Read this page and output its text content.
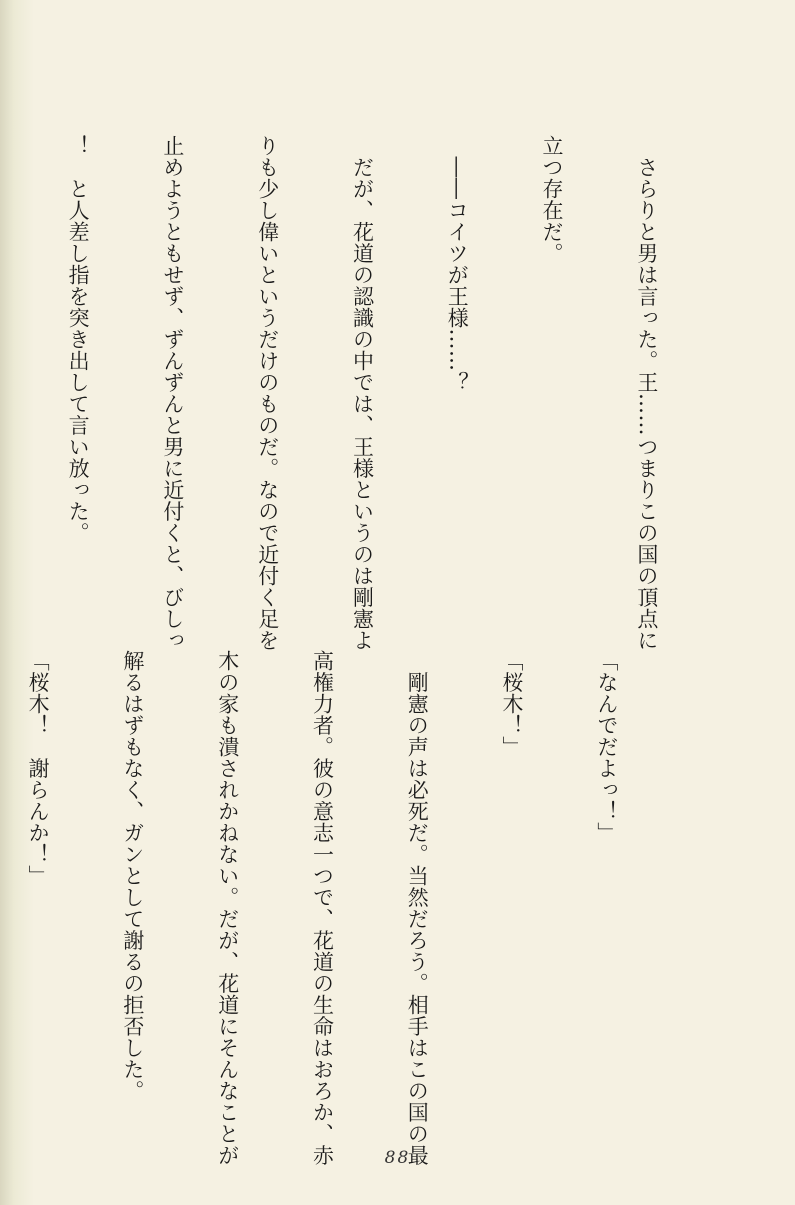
　さらりと男は言った。王……つまりこの国の頂点に

立つ存在だ。

　――コイツが王様……？

　だが、花道の認識の中では、王様というのは剛憲よ

りも少し偉いというだけのものだ。なので近付く足を

止めようともせず、ずんずんと男に近付くと、びしっ

！　と人差し指を突き出して言い放った。

「なんでだよっ！」

「桜木！」

　剛憲の声は必死だ。当然だろう。相手はこの国の最

高権力者。彼の意志一つで、花道の生命はおろか、赤

木の家も潰されかねない。だが、花道にそんなことが

解るはずもなく、ガンとして謝るの拒否した。

「桜木！　謝らんか！」

88
